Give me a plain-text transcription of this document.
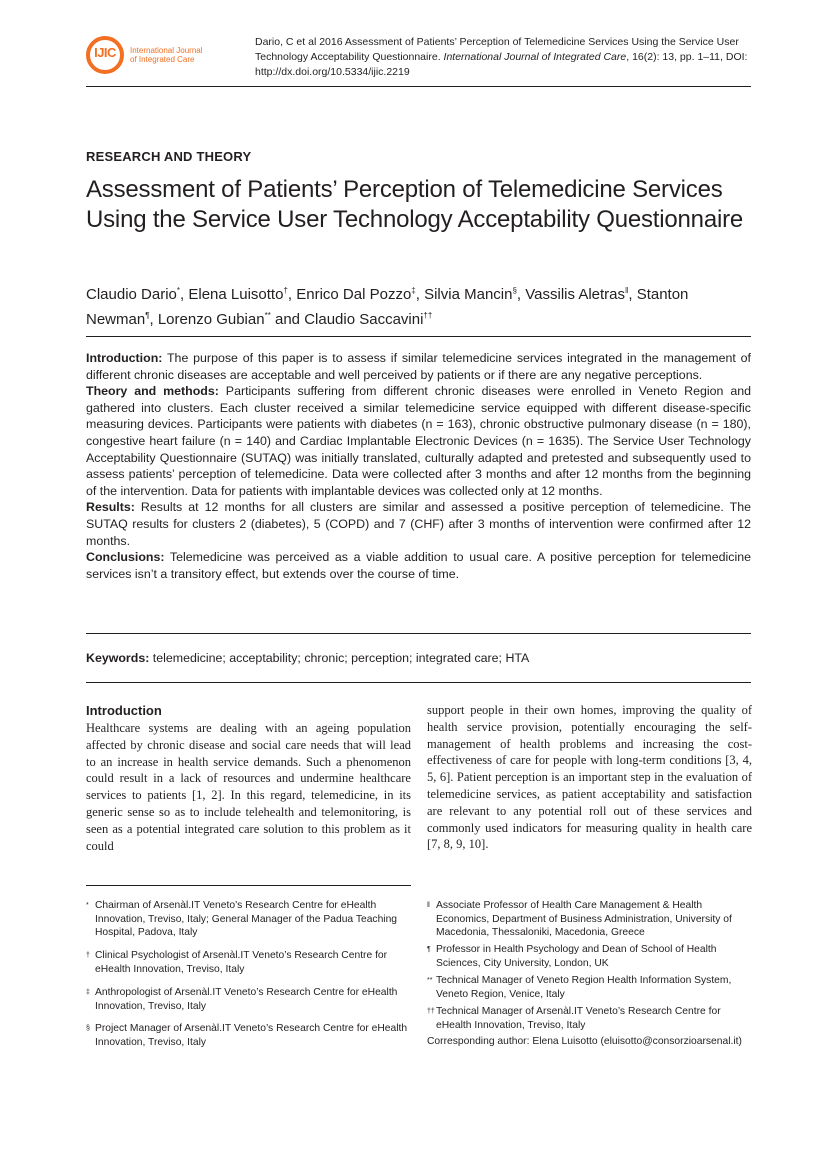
IJIC	International Journal
of Integrated Care
Dario, C et al 2016 Assessment of Patients’ Perception of Telemedicine Services Using the Service User Technology Acceptability Questionnaire. International Journal of Integrated Care, 16(2): 13, pp. 1–11, DOI: http://dx.doi.org/10.5334/ijic.2219
RESEARCH AND THEORY
Assessment of Patients’ Perception of Telemedicine Services Using the Service User Technology Acceptability Questionnaire
Claudio Dario*, Elena Luisotto†, Enrico Dal Pozzo‡, Silvia Mancin§, Vassilis Aletras‖, Stanton Newman¶, Lorenzo Gubian** and Claudio Saccavini††

Introduction: The purpose of this paper is to assess if similar telemedicine services integrated in the management of different chronic diseases are acceptable and well perceived by patients or if there are any negative perceptions.

Theory and methods: Participants suffering from different chronic diseases were enrolled in Veneto Region and gathered into clusters. Each cluster received a similar telemedicine service equipped with different disease-specific measuring devices. Participants were patients with diabetes (n = 163), chronic obstructive pulmonary disease (n = 180), congestive heart failure (n = 140) and Cardiac Implantable Electronic Devices (n = 1635). The Service User Technology Acceptability Questionnaire (SUTAQ) was initially translated, culturally adapted and pretested and subsequently used to assess patients’ perception of telemedicine. Data were collected after 3 months and after 12 months from the beginning of the intervention. Data for patients with implantable devices was collected only at 12 months.

Results: Results at 12 months for all clusters are similar and assessed a positive perception of telemedicine. The SUTAQ results for clusters 2 (diabetes), 5 (COPD) and 7 (CHF) after 3 months of intervention were confirmed after 12 months.

Conclusions: Telemedicine was perceived as a viable addition to usual care. A positive perception for telemedicine services isn’t a transitory effect, but extends over the course of time.

Keywords: telemedicine; acceptability; chronic; perception; integrated care; HTA
Introduction

Healthcare systems are dealing with an ageing population affected by chronic disease and social care needs that will lead to an increase in health service demands. Such a phenomenon could result in a lack of resources and undermine healthcare services to patients [1, 2]. In this regard, telemedicine, in its generic sense so as to include telehealth and telemonitoring, is seen as a potential integrated care solution to this problem as it could

support people in their own homes, improving the quality of health service provision, potentially encouraging the self-management of health problems and increasing the cost-effectiveness of care for people with long-term conditions [3, 4, 5, 6]. Patient perception is an important step in the evaluation of telemedicine services, as patient acceptability and satisfaction are relevant to any potential roll out of these services and commonly used indicators for measuring quality in health care [7, 8, 9, 10].

* Chairman of Arsenàl.IT Veneto’s Research Centre for eHealth Innovation, Treviso, Italy; General Manager of the Padua Teaching Hospital, Padova, Italy
† Clinical Psychologist of Arsenàl.IT Veneto’s Research Centre for eHealth Innovation, Treviso, Italy
‡ Anthropologist of Arsenàl.IT Veneto’s Research Centre for eHealth Innovation, Treviso, Italy
§ Project Manager of Arsenàl.IT Veneto’s Research Centre for eHealth Innovation, Treviso, Italy
‖ Associate Professor of Health Care Management & Health Economics, Department of Business Administration, University of Macedonia, Thessaloniki, Macedonia, Greece
¶ Professor in Health Psychology and Dean of School of Health Sciences, City University, London, UK
** Technical Manager of Veneto Region Health Information System, Veneto Region, Venice, Italy
†† Technical Manager of Arsenàl.IT Veneto’s Research Centre for eHealth Innovation, Treviso, Italy
Corresponding author: Elena Luisotto (eluisotto@consorzioarsenal.it)
